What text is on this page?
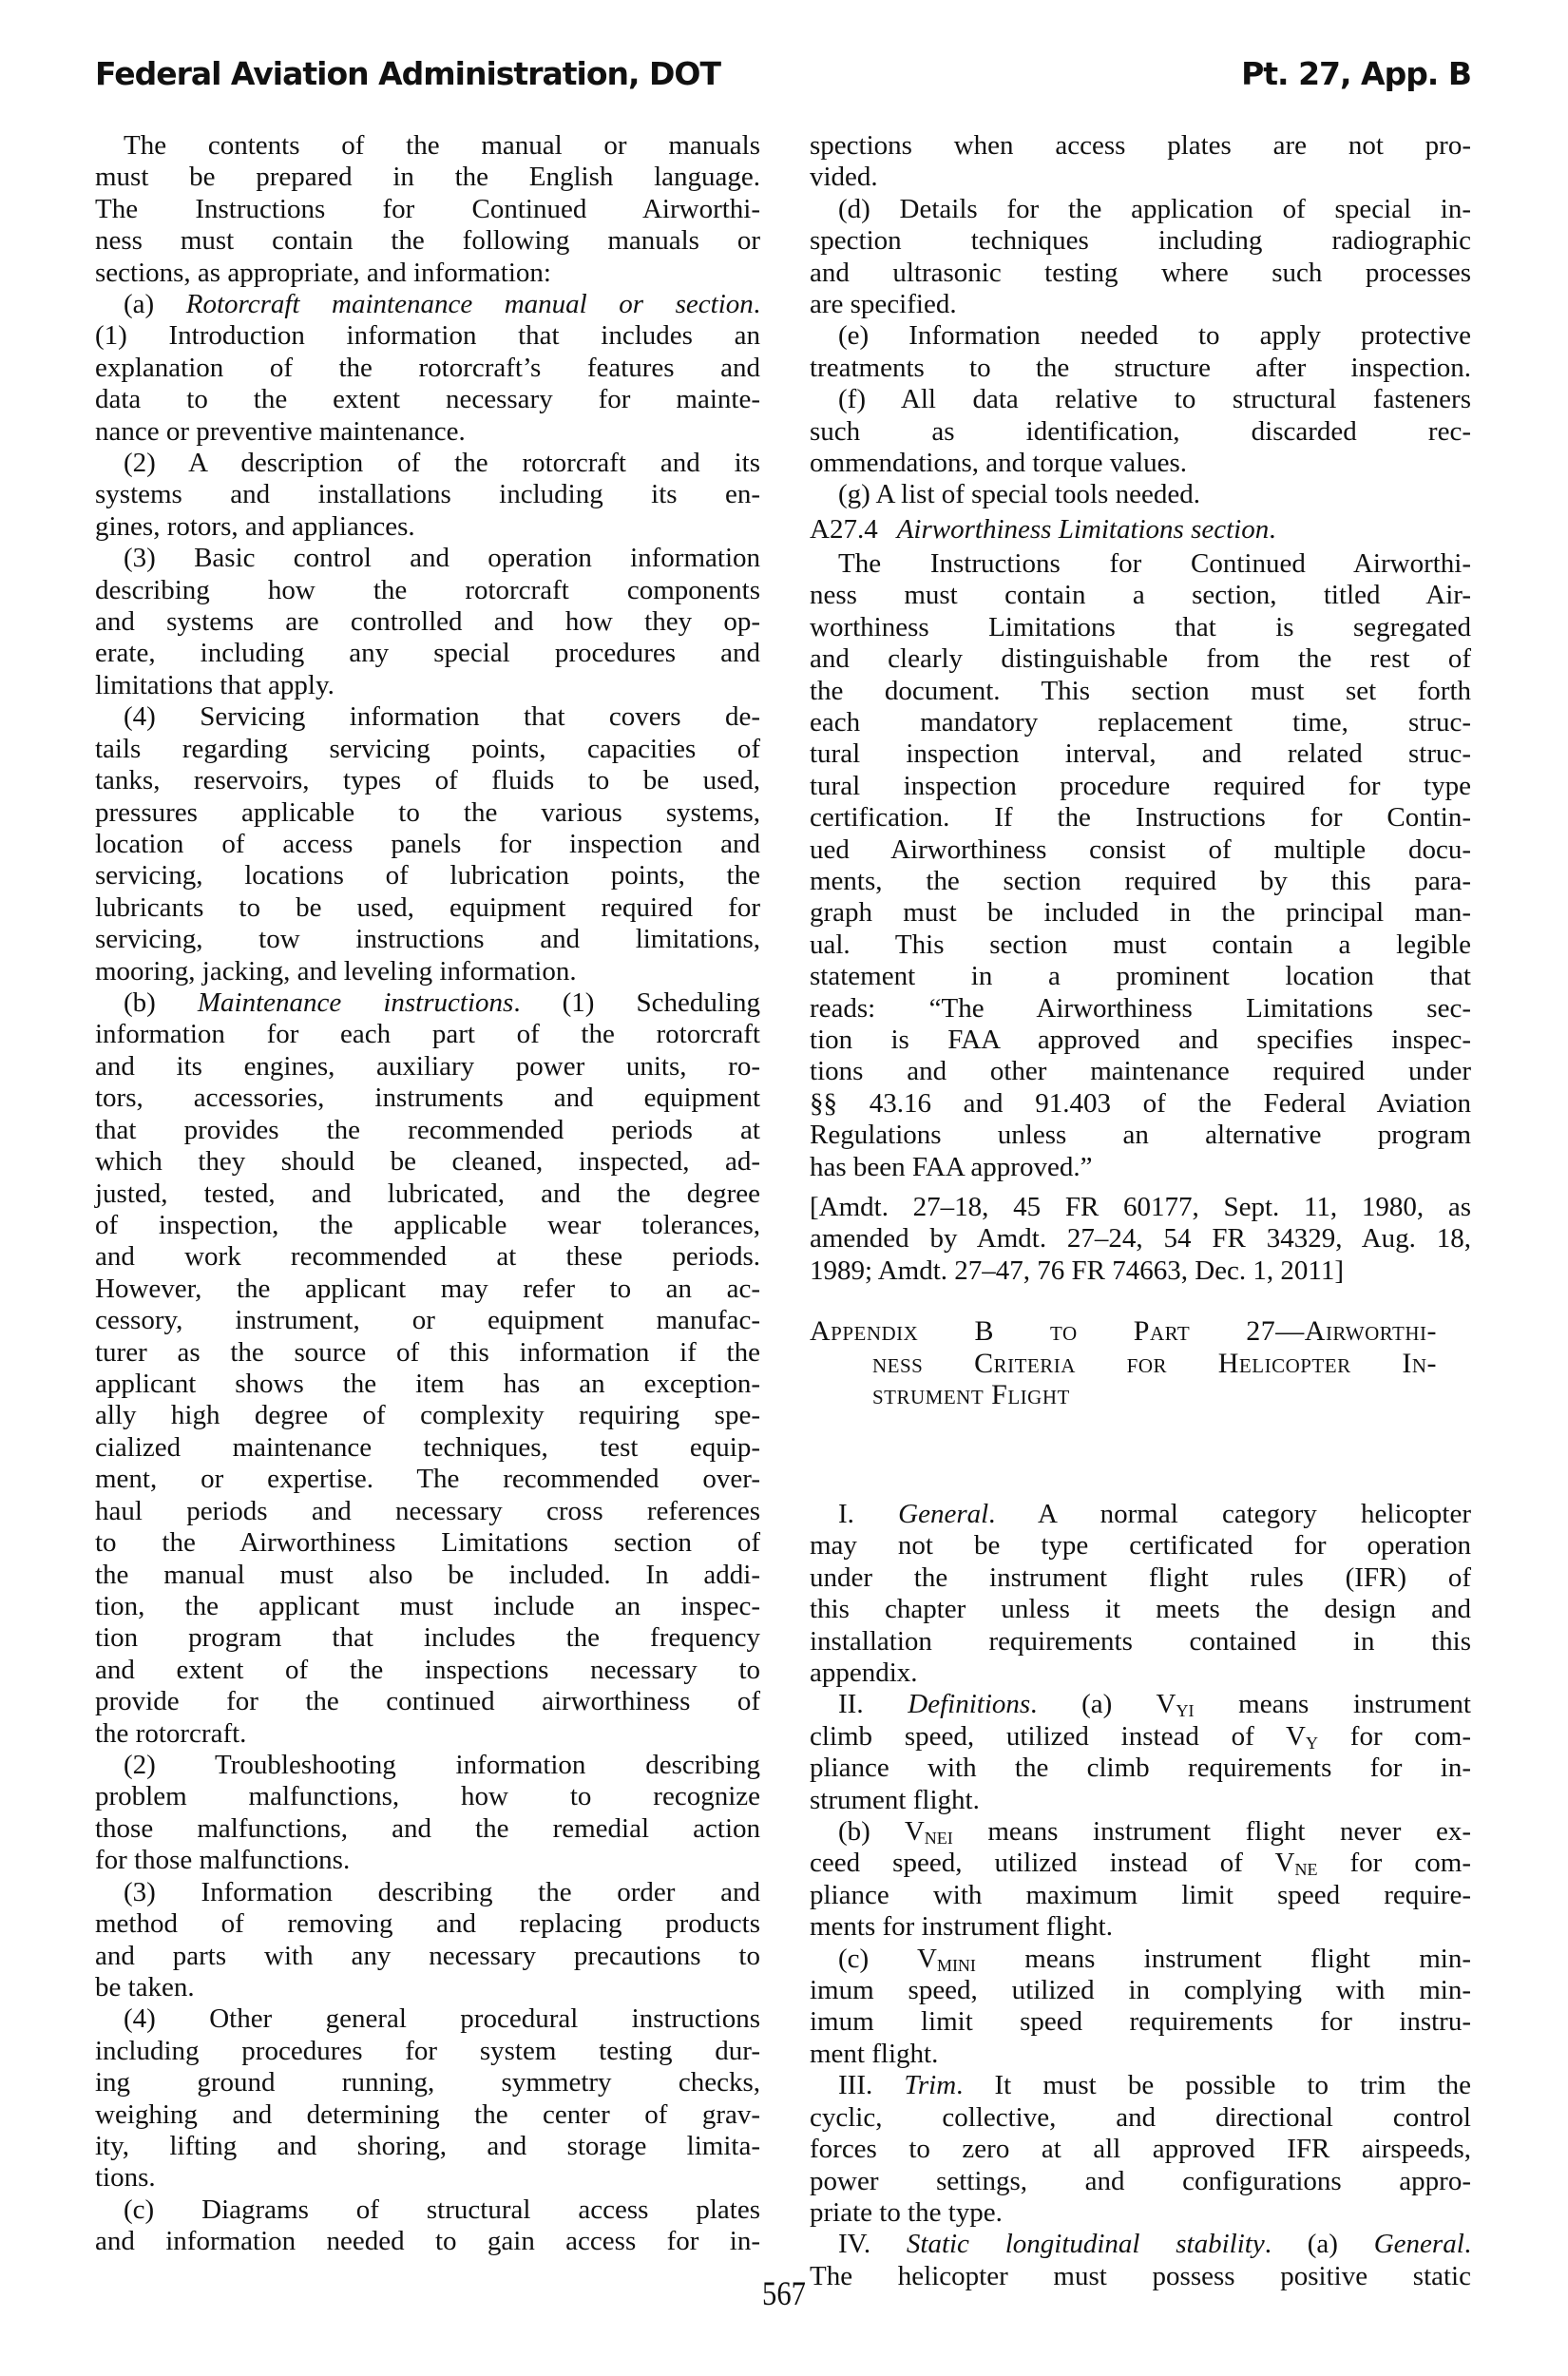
Federal Aviation Administration, DOT	Pt. 27, App. B
The contents of the manual or manuals
must be prepared in the English language.
The Instructions for Continued Airworthi-
ness must contain the following manuals or
sections, as appropriate, and information:
(a) Rotorcraft maintenance manual or section.
(1) Introduction information that includes an
explanation of the rotorcraft’s features and
data to the extent necessary for mainte-
nance or preventive maintenance.
(2) A description of the rotorcraft and its
systems and installations including its en-
gines, rotors, and appliances.
(3) Basic control and operation information
describing how the rotorcraft components
and systems are controlled and how they op-
erate, including any special procedures and
limitations that apply.
(4) Servicing information that covers de-
tails regarding servicing points, capacities of
tanks, reservoirs, types of fluids to be used,
pressures applicable to the various systems,
location of access panels for inspection and
servicing, locations of lubrication points, the
lubricants to be used, equipment required for
servicing, tow instructions and limitations,
mooring, jacking, and leveling information.
(b) Maintenance instructions. (1) Scheduling
information for each part of the rotorcraft
and its engines, auxiliary power units, ro-
tors, accessories, instruments and equipment
that provides the recommended periods at
which they should be cleaned, inspected, ad-
justed, tested, and lubricated, and the degree
of inspection, the applicable wear tolerances,
and work recommended at these periods.
However, the applicant may refer to an ac-
cessory, instrument, or equipment manufac-
turer as the source of this information if the
applicant shows the item has an exception-
ally high degree of complexity requiring spe-
cialized maintenance techniques, test equip-
ment, or expertise. The recommended over-
haul periods and necessary cross references
to the Airworthiness Limitations section of
the manual must also be included. In addi-
tion, the applicant must include an inspec-
tion program that includes the frequency
and extent of the inspections necessary to
provide for the continued airworthiness of
the rotorcraft.
(2) Troubleshooting information describing
problem malfunctions, how to recognize
those malfunctions, and the remedial action
for those malfunctions.
(3) Information describing the order and
method of removing and replacing products
and parts with any necessary precautions to
be taken.
(4) Other general procedural instructions
including procedures for system testing dur-
ing ground running, symmetry checks,
weighing and determining the center of grav-
ity, lifting and shoring, and storage limita-
tions.
(c) Diagrams of structural access plates
and information needed to gain access for in-
spections when access plates are not pro-
vided.
(d) Details for the application of special in-
spection techniques including radiographic
and ultrasonic testing where such processes
are specified.
(e) Information needed to apply protective
treatments to the structure after inspection.
(f) All data relative to structural fasteners
such as identification, discarded rec-
ommendations, and torque values.
(g) A list of special tools needed.
A27.4 Airworthiness Limitations section.
The Instructions for Continued Airworthi-
ness must contain a section, titled Air-
worthiness Limitations that is segregated
and clearly distinguishable from the rest of
the document. This section must set forth
each mandatory replacement time, struc-
tural inspection interval, and related struc-
tural inspection procedure required for type
certification. If the Instructions for Contin-
ued Airworthiness consist of multiple docu-
ments, the section required by this para-
graph must be included in the principal man-
ual. This section must contain a legible
statement in a prominent location that
reads: “The Airworthiness Limitations sec-
tion is FAA approved and specifies inspec-
tions and other maintenance required under
§§ 43.16 and 91.403 of the Federal Aviation
Regulations unless an alternative program
has been FAA approved.”
[Amdt. 27–18, 45 FR 60177, Sept. 11, 1980, as
amended by Amdt. 27–24, 54 FR 34329, Aug. 18,
1989; Amdt. 27–47, 76 FR 74663, Dec. 1, 2011]
Appendix B to Part 27—Airworthi-
ness Criteria for Helicopter In-
strument Flight
I. General. A normal category helicopter
may not be type certificated for operation
under the instrument flight rules (IFR) of
this chapter unless it meets the design and
installation requirements contained in this
appendix.
II. Definitions. (a) $V_{YI}$ means instrument
climb speed, utilized instead of $V_Y$ for com-
pliance with the climb requirements for in-
strument flight.
(b) $V_{NEI}$ means instrument flight never ex-
ceed speed, utilized instead of $V_{NE}$ for com-
pliance with maximum limit speed require-
ments for instrument flight.
(c) $V_{MINI}$ means instrument flight min-
imum speed, utilized in complying with min-
imum limit speed requirements for instru-
ment flight.
III. Trim. It must be possible to trim the
cyclic, collective, and directional control
forces to zero at all approved IFR airspeeds,
power settings, and configurations appro-
priate to the type.
IV. Static longitudinal stability. (a) General.
The helicopter must possess positive static
567
